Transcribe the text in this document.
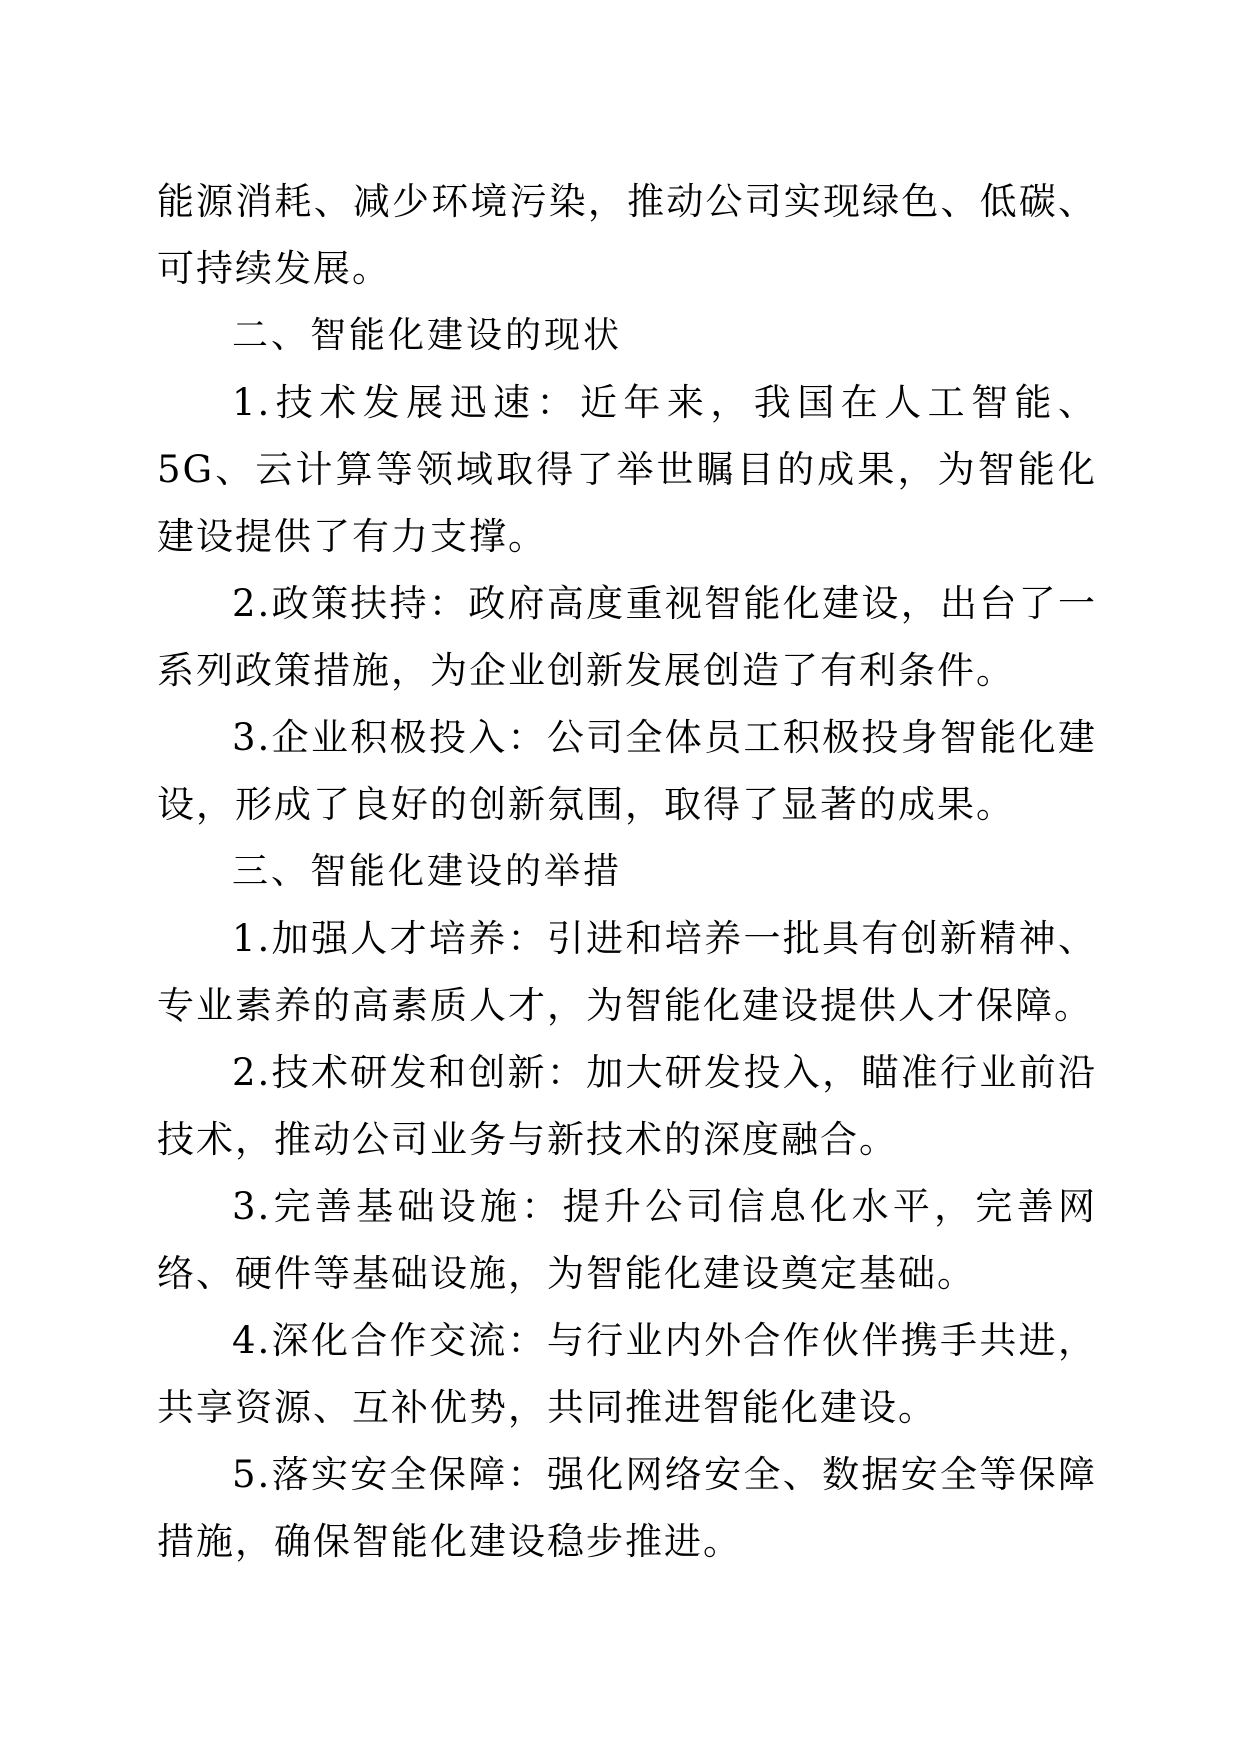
能源消耗、减少环境污染，推动公司实现绿色、低碳、可持续发展。

二、智能化建设的现状

1.技术发展迅速：近年来，我国在人工智能、5G、云计算等领域取得了举世瞩目的成果，为智能化建设提供了有力支撑。

2.政策扶持：政府高度重视智能化建设，出台了一系列政策措施，为企业创新发展创造了有利条件。

3.企业积极投入：公司全体员工积极投身智能化建设，形成了良好的创新氛围，取得了显著的成果。

三、智能化建设的举措

1.加强人才培养：引进和培养一批具有创新精神、专业素养的高素质人才，为智能化建设提供人才保障。

2.技术研发和创新：加大研发投入，瞄准行业前沿技术，推动公司业务与新技术的深度融合。

3.完善基础设施：提升公司信息化水平，完善网络、硬件等基础设施，为智能化建设奠定基础。

4.深化合作交流：与行业内外合作伙伴携手共进，共享资源、互补优势，共同推进智能化建设。

5.落实安全保障：强化网络安全、数据安全等保障措施，确保智能化建设稳步推进。
